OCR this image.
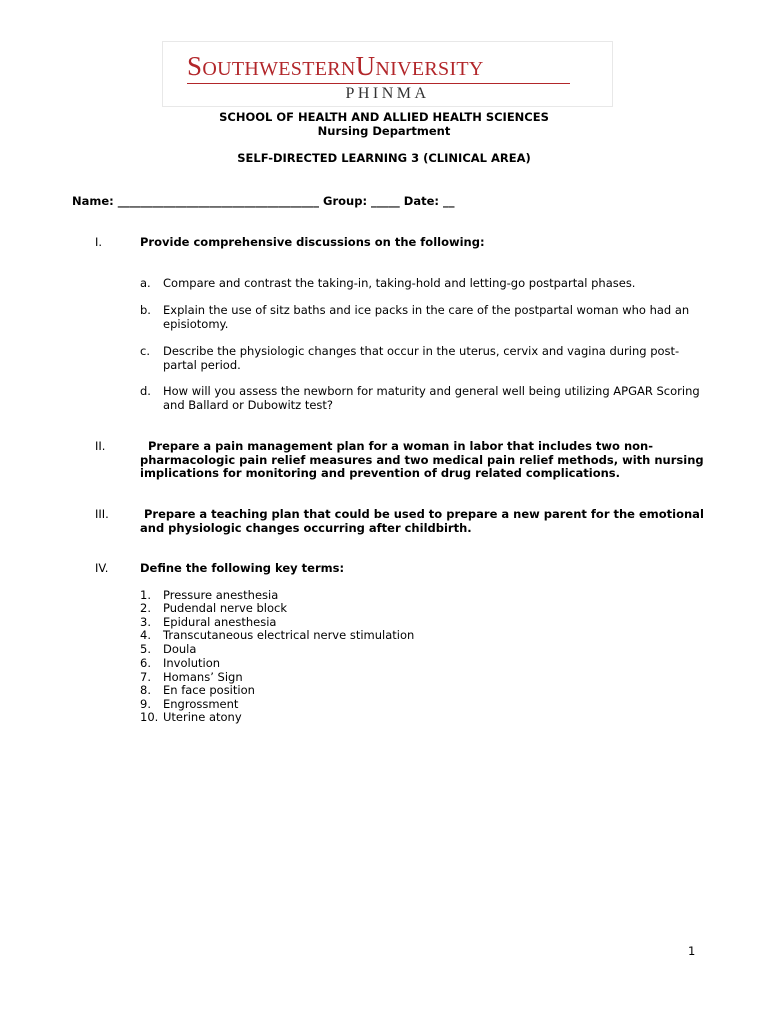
SOUTHWESTERNUNIVERSITY
PHINMA
SCHOOL OF HEALTH AND ALLIED HEALTH SCIENCES
Nursing Department
SELF-DIRECTED LEARNING 3 (CLINICAL AREA)
Name: ___________________________________ Group: _____ Date: __
I.	Provide comprehensive discussions on the following:
a. Compare and contrast the taking-in, taking-hold and letting-go postpartal phases.
b. Explain the use of sitz baths and ice packs in the care of the postpartal woman who had an episiotomy.
c. Describe the physiologic changes that occur in the uterus, cervix and vagina during post-partal period.
d. How will you assess the newborn for maturity and general well being utilizing APGAR Scoring and Ballard or Dubowitz test?
II.	Prepare a pain management plan for a woman in labor that includes two non-pharmacologic pain relief measures and two medical pain relief methods, with nursing implications for monitoring and prevention of drug related complications.
III.	Prepare a teaching plan that could be used to prepare a new parent for the emotional and physiologic changes occurring after childbirth.
IV.	Define the following key terms:
1.	Pressure anesthesia
2.	Pudendal nerve block
3.	Epidural anesthesia
4.	Transcutaneous electrical nerve stimulation
5.	Doula
6.	Involution
7.	Homans’ Sign
8.	En face position
9.	Engrossment
10. Uterine atony
1
